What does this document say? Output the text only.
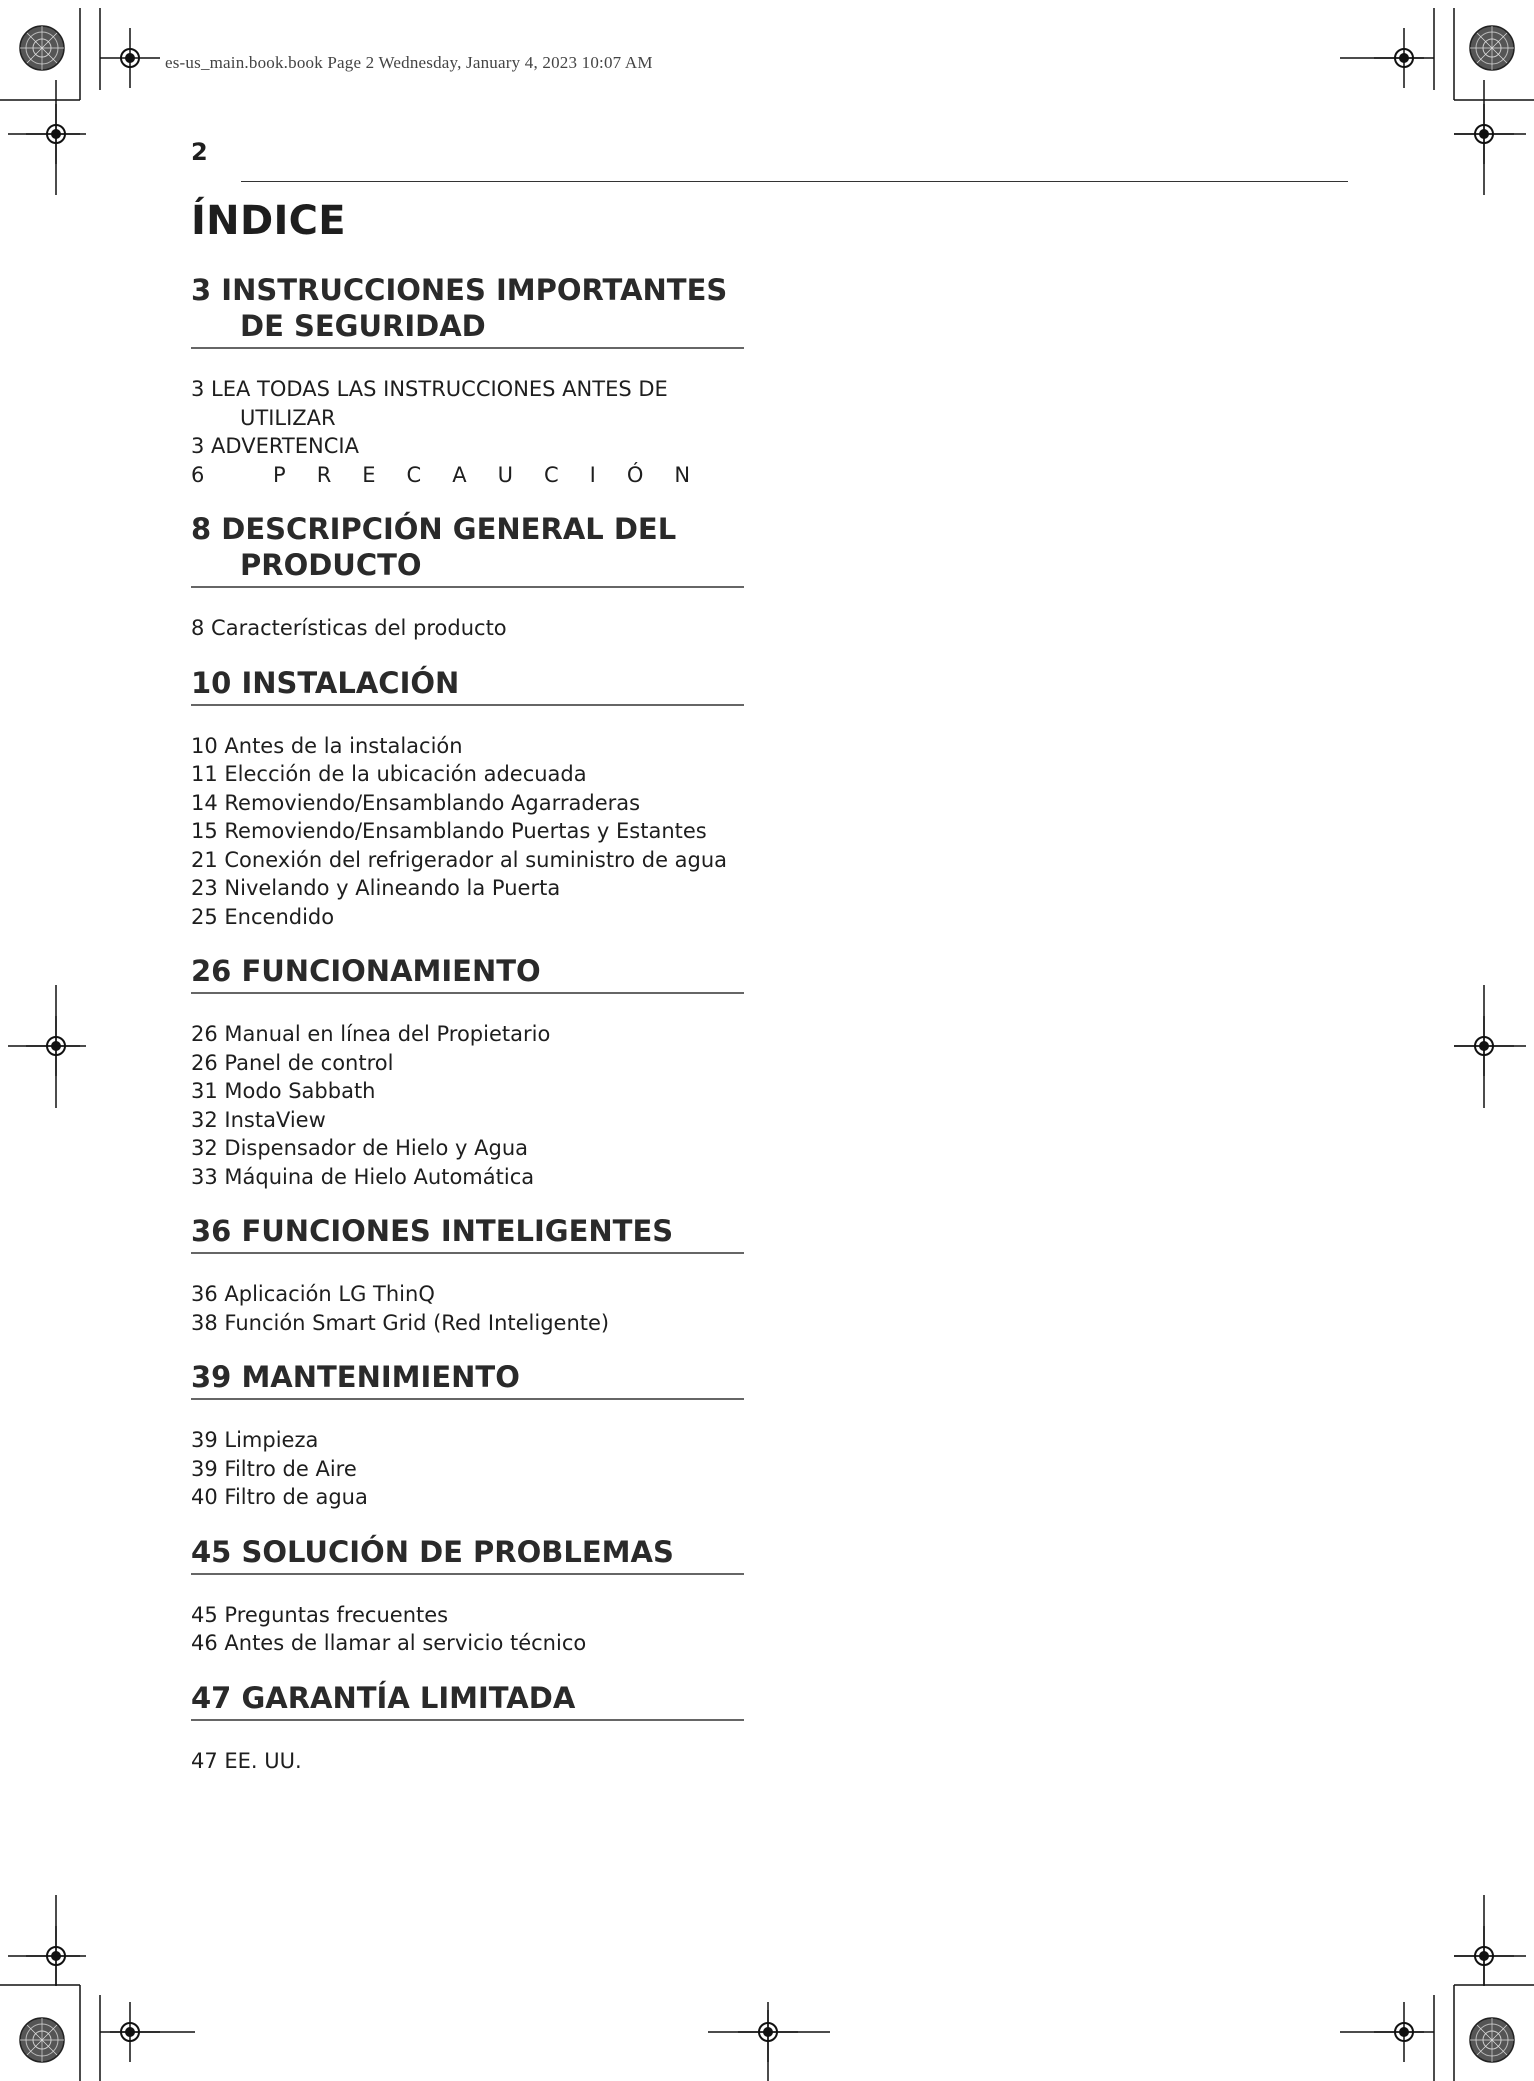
es-us_main.book.book Page 2 Wednesday, January 4, 2023 10:07 AM
2
ÍNDICE
3 INSTRUCCIONES IMPORTANTES
DE SEGURIDAD
3 LEA TODAS LAS INSTRUCCIONES ANTES DE UTILIZAR
3 ADVERTENCIA
6 PRECAUCIÓN
8 DESCRIPCIÓN GENERAL DEL
PRODUCTO
8 Características del producto
10 INSTALACIÓN
10 Antes de la instalación
11 Elección de la ubicación adecuada
14 Removiendo/Ensamblando Agarraderas
15 Removiendo/Ensamblando Puertas y Estantes
21 Conexión del refrigerador al suministro de agua
23 Nivelando y Alineando la Puerta
25 Encendido
26 FUNCIONAMIENTO
26 Manual en línea del Propietario
26 Panel de control
31 Modo Sabbath
32 InstaView
32 Dispensador de Hielo y Agua
33 Máquina de Hielo Automática
36 FUNCIONES INTELIGENTES
36 Aplicación LG ThinQ
38 Función Smart Grid (Red Inteligente)
39 MANTENIMIENTO
39 Limpieza
39 Filtro de Aire
40 Filtro de agua
45 SOLUCIÓN DE PROBLEMAS
45 Preguntas frecuentes
46 Antes de llamar al servicio técnico
47 GARANTÍA LIMITADA
47 EE. UU.
